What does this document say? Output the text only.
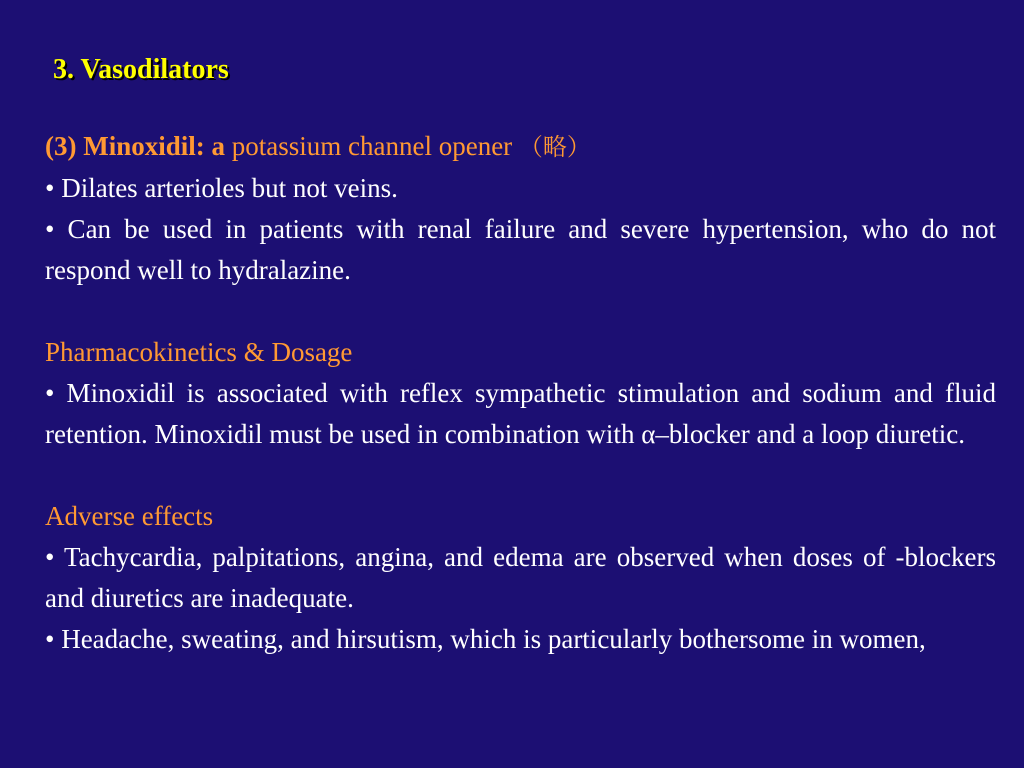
3. Vasodilators

(3) Minoxidil: a potassium channel opener （略）

• Dilates arterioles but not veins.

• Can be used in patients with renal failure and severe hypertension, who do not respond well to hydralazine.

Pharmacokinetics & Dosage

• Minoxidil is associated with reflex sympathetic stimulation and sodium and fluid retention. Minoxidil must be used in combination with α–blocker and a loop diuretic.

Adverse effects

• Tachycardia, palpitations, angina, and edema are observed when doses of -blockers and diuretics are inadequate.

• Headache, sweating, and hirsutism, which is particularly bothersome in women,
